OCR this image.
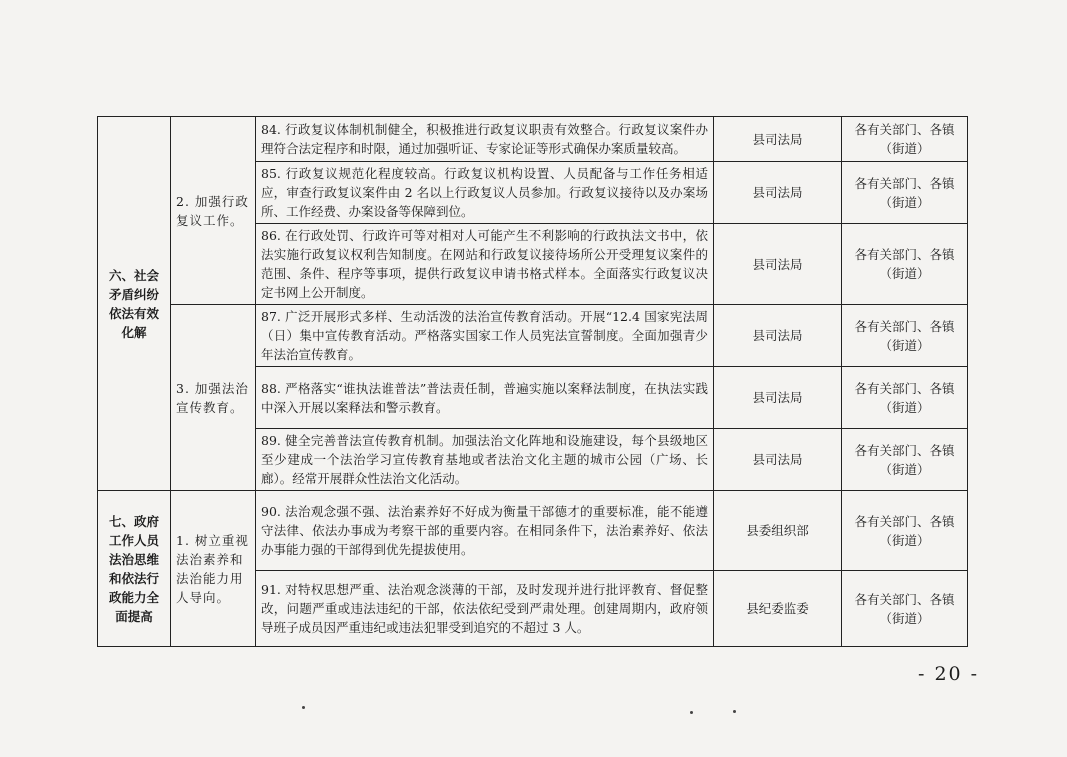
六、社会矛盾纠纷依法有效化解	2. 加强行政复议工作。	84. 行政复议体制机制健全，积极推进行政复议职责有效整合。行政复议案件办理符合法定程序和时限，通过加强听证、专家论证等形式确保办案质量较高。	县司法局	各有关部门、各镇（街道）
		85. 行政复议规范化程度较高。行政复议机构设置、人员配备与工作任务相适应，审查行政复议案件由 2 名以上行政复议人员参加。行政复议接待以及办案场所、工作经费、办案设备等保障到位。	县司法局	各有关部门、各镇（街道）
		86. 在行政处罚、行政许可等对相对人可能产生不利影响的行政执法文书中，依法实施行政复议权利告知制度。在网站和行政复议接待场所公开受理复议案件的范围、条件、程序等事项，提供行政复议申请书格式样本。全面落实行政复议决定书网上公开制度。	县司法局	各有关部门、各镇（街道）
	3. 加强法治宣传教育。	87. 广泛开展形式多样、生动活泼的法治宣传教育活动。开展“12.4 国家宪法周（日）集中宣传教育活动。严格落实国家工作人员宪法宣誓制度。全面加强青少年法治宣传教育。	县司法局	各有关部门、各镇（街道）
		88. 严格落实“谁执法谁普法”普法责任制，普遍实施以案释法制度，在执法实践中深入开展以案释法和警示教育。	县司法局	各有关部门、各镇（街道）
		89. 健全完善普法宣传教育机制。加强法治文化阵地和设施建设，每个县级地区至少建成一个法治学习宣传教育基地或者法治文化主题的城市公园（广场、长廊）。经常开展群众性法治文化活动。	县司法局	各有关部门、各镇（街道）
七、政府工作人员法治思维和依法行政能力全面提高	1. 树立重视法治素养和法治能力用人导向。	90. 法治观念强不强、法治素养好不好成为衡量干部德才的重要标准，能不能遵守法律、依法办事成为考察干部的重要内容。在相同条件下，法治素养好、依法办事能力强的干部得到优先提拔使用。	县委组织部	各有关部门、各镇（街道）
		91. 对特权思想严重、法治观念淡薄的干部，及时发现并进行批评教育、督促整改，问题严重或违法违纪的干部，依法依纪受到严肃处理。创建周期内，政府领导班子成员因严重违纪或违法犯罪受到追究的不超过 3 人。	县纪委监委	各有关部门、各镇（街道）
- 20 -
